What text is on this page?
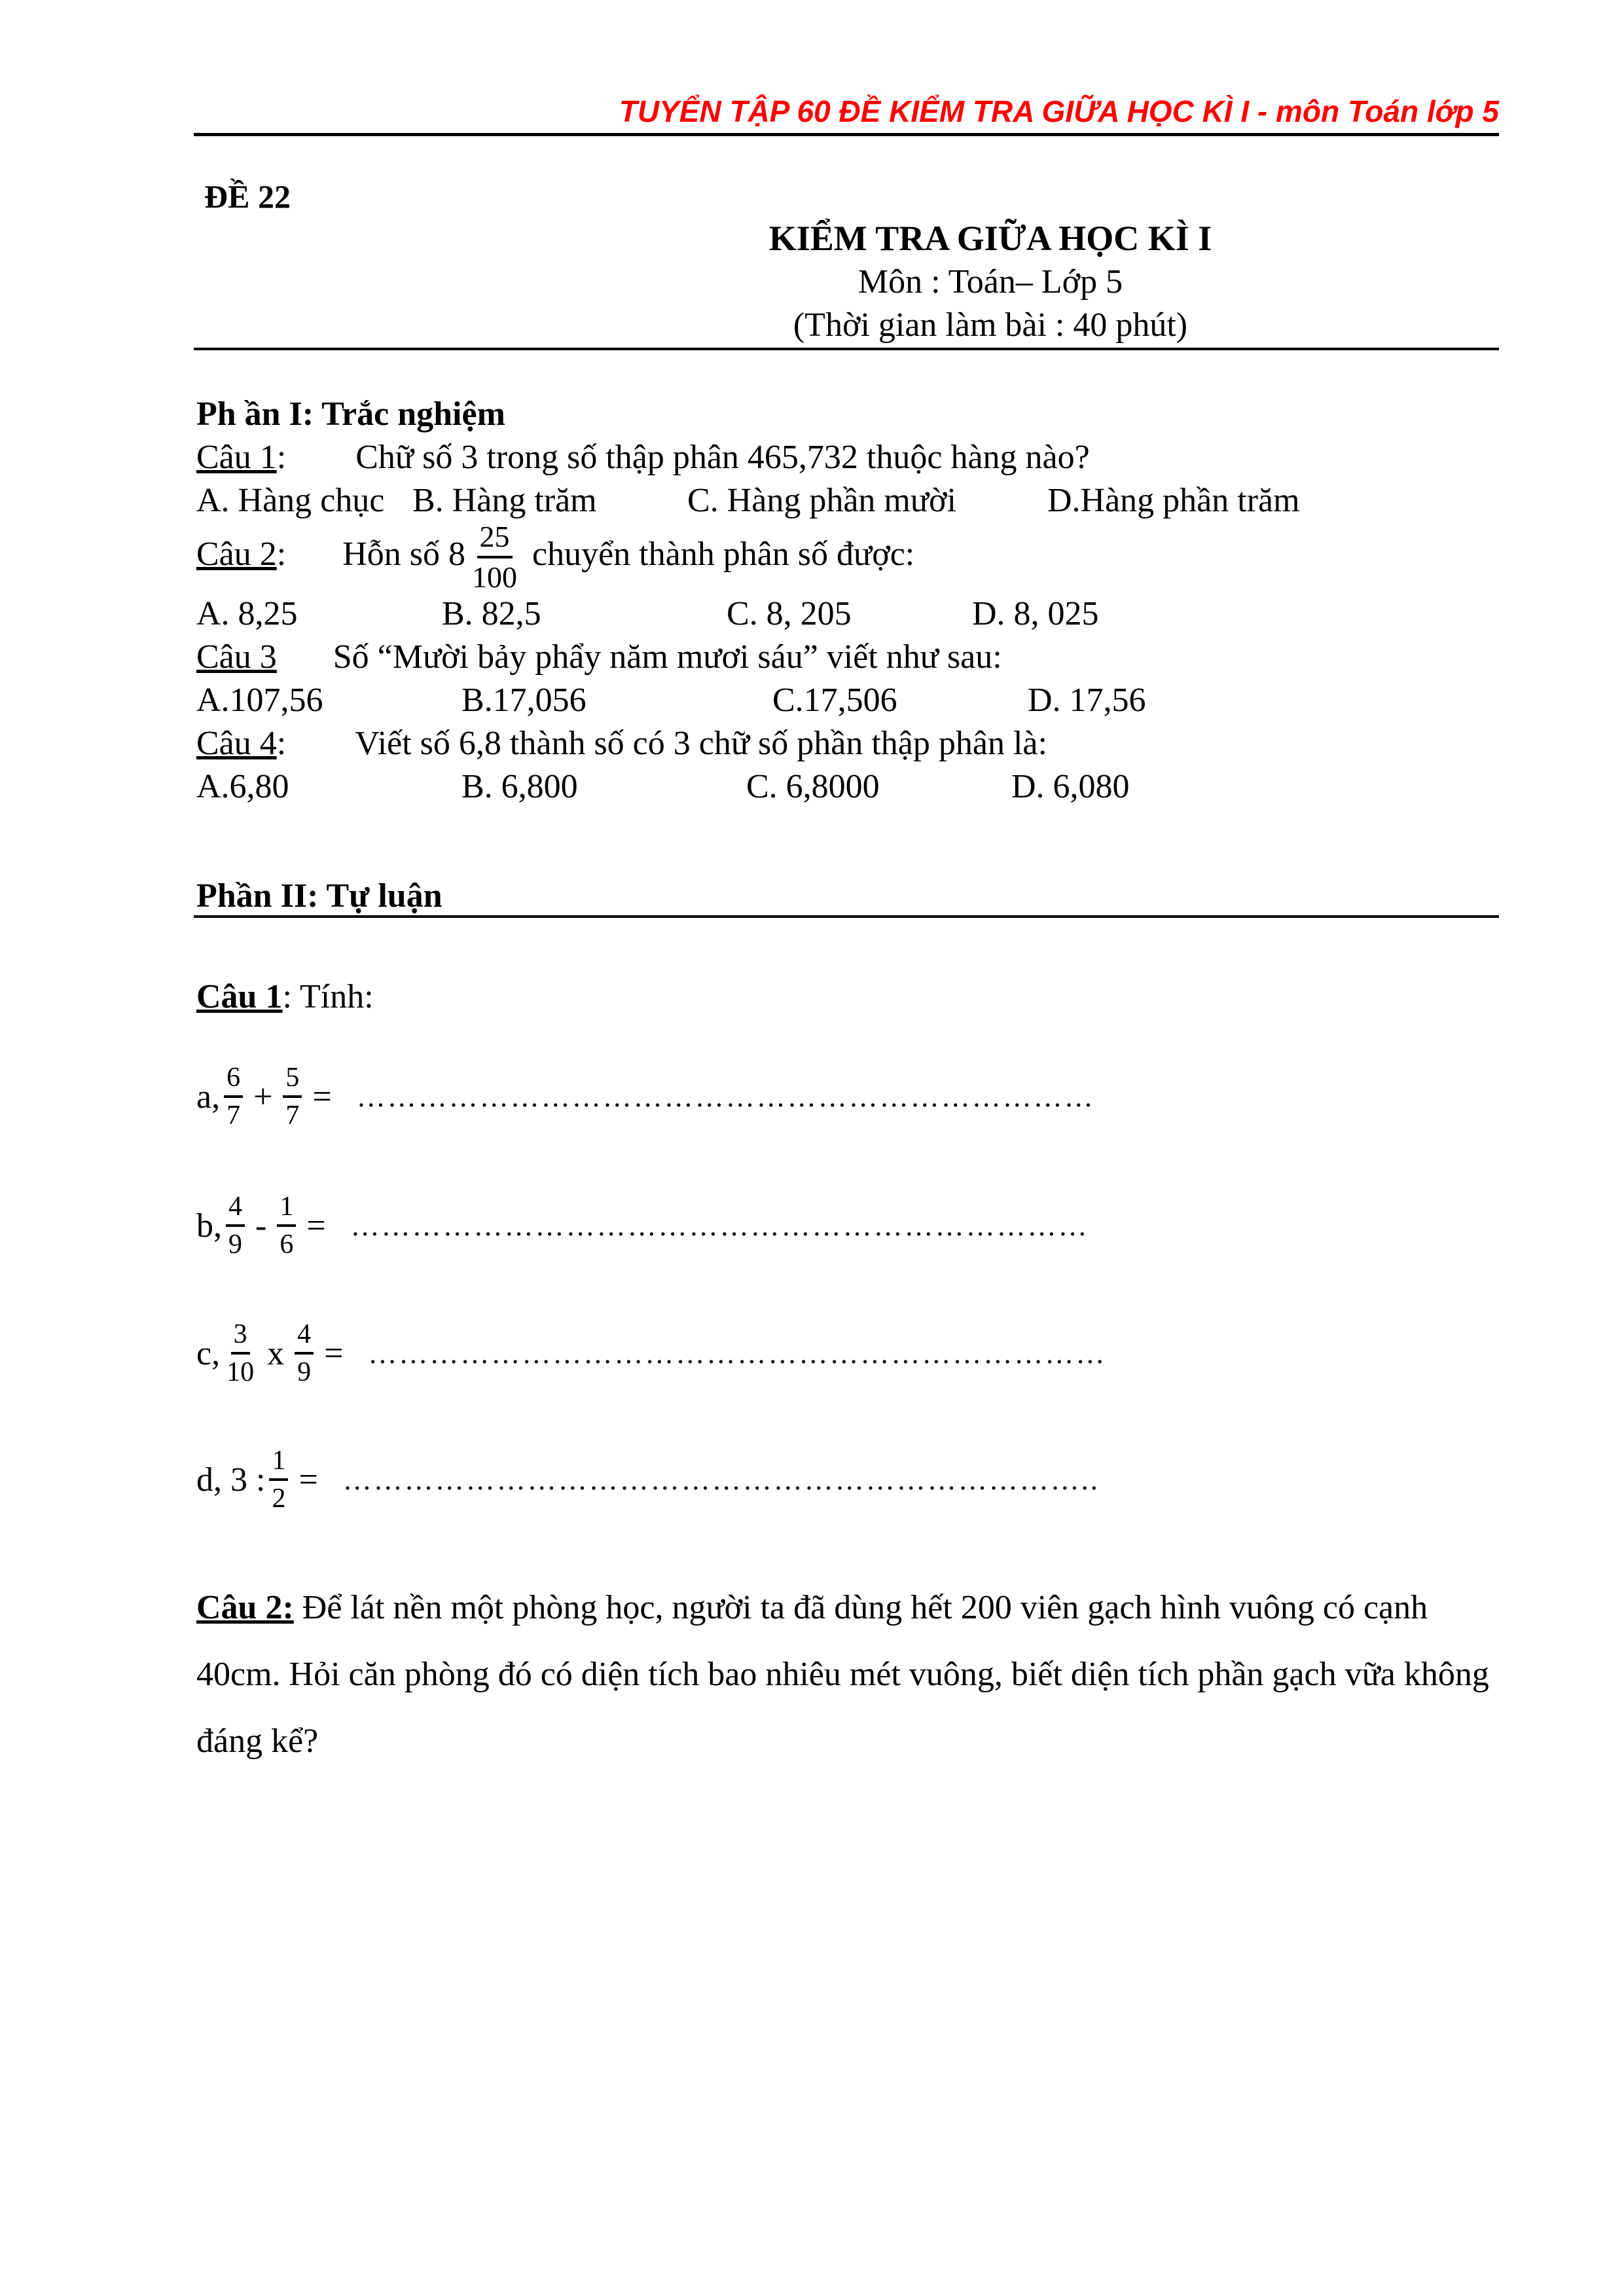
TUYỂN TẬP 60 ĐỀ KIỂM TRA GIỮA HỌC KÌ I - môn Toán lớp 5
ĐỀ 22
KIỂM TRA GIỮA HỌC KÌ I
Môn : Toán– Lớp 5
(Thời gian làm bài : 40 phút)
Ph ần I: Trắc nghiệm
Câu 1: Chữ số 3 trong số thập phân 465,732 thuộc hàng nào?
A. Hàng chục B. Hàng trăm	C. Hàng phần mười	D.Hàng phần trăm
Câu 2: Hỗn số $8 \frac{25}{100}$ chuyển thành phân số được:
A. 8,25	B. 82,5	C. 8, 205	D. 8, 025
Câu 3 Số “Mười bảy phẩy năm mươi sáu” viết như sau:
A.107,56	B.17,056	C.17,506	D. 17,56
Câu 4: Viết số 6,8 thành số có 3 chữ số phần thập phân là:
A.6,80	B. 6,800	C. 6,8000	D. 6,080
Phần II: Tự luận
Câu 1: Tính:
a, $\frac{6}{7} + \frac{5}{7}$ = ………………………………………………………………
b, $\frac{4}{9} - \frac{1}{6}$ = ………………………………………………………………
c, $\frac{3}{10}$ x $\frac{4}{9}$ = ………………………………………………………………
d, 3 : $\frac{1}{2}$ = ………………………………………………………………..
Câu 2: Để lát nền một phòng học, người ta đã dùng hết 200 viên gạch hình vuông có cạnh 40cm. Hỏi căn phòng đó có diện tích bao nhiêu mét vuông, biết diện tích phần gạch vữa không đáng kể?
